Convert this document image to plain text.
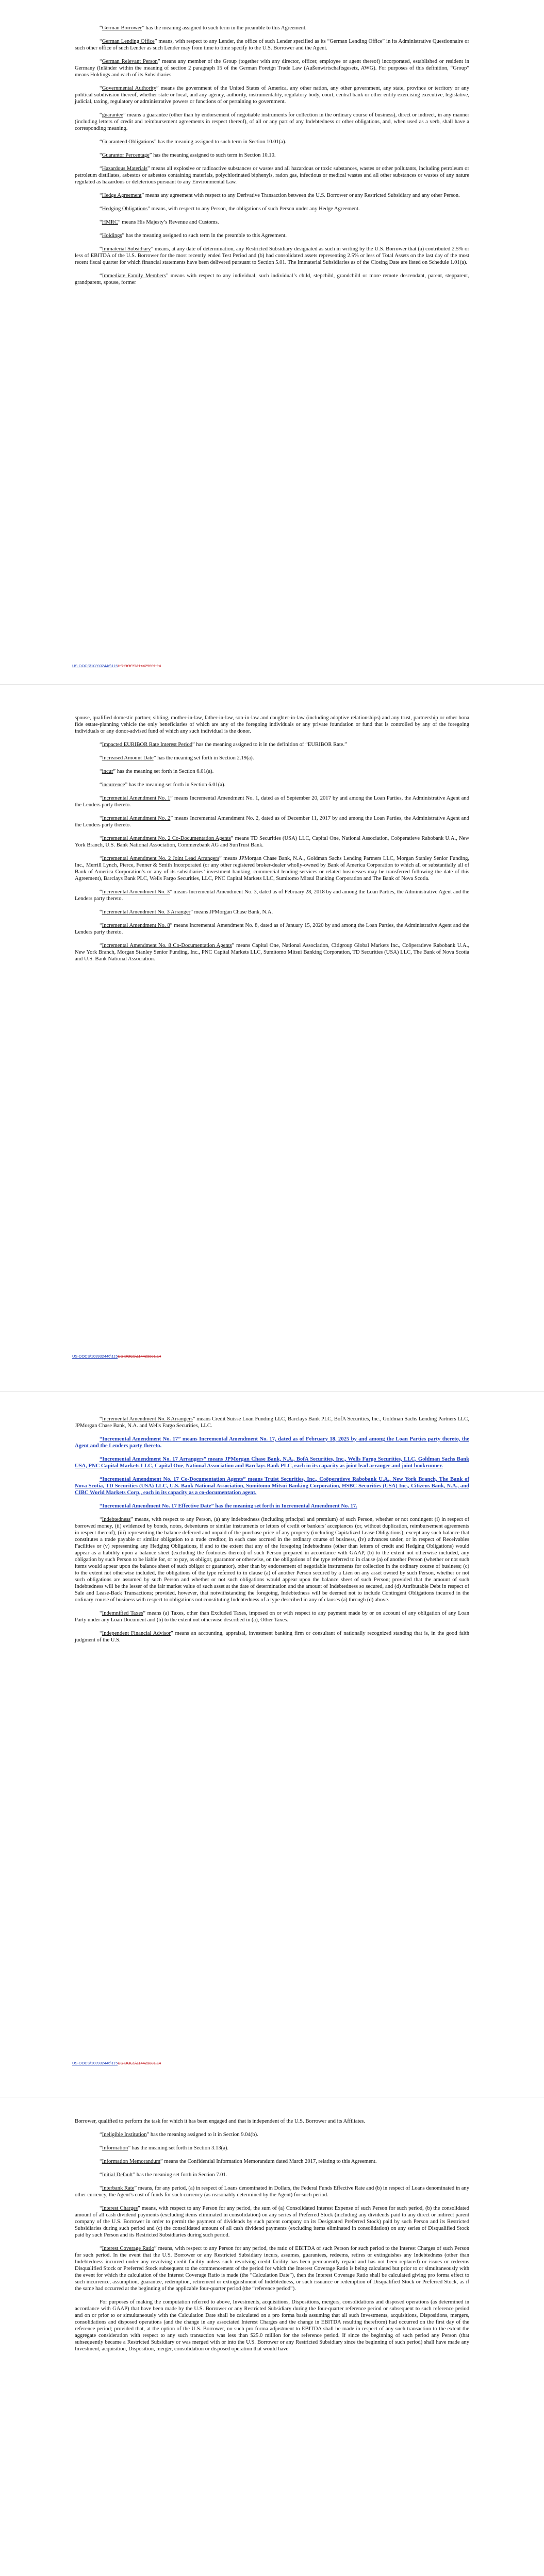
“German Borrower” has the meaning assigned to such term in the preamble to this Agreement.
“German Lending Office” means, with respect to any Lender, the office of such Lender specified as its “German Lending Office” in its Administrative Questionnaire or such other office of such Lender as such Lender may from time to time specify to the U.S. Borrower and the Agent.
“German Relevant Person” means any member of the Group (together with any director, officer, employee or agent thereof) incorporated, established or resident in Germany (Inländer within the meaning of section 2 paragraph 15 of the German Foreign Trade Law (Außenwirtschaftsgesetz, AWG). For purposes of this definition, “Group” means Holdings and each of its Subsidiaries.
“Governmental Authority” means the government of the United States of America, any other nation, any other government, any state, province or territory or any political subdivision thereof, whether state or local, and any agency, authority, instrumentality, regulatory body, court, central bank or other entity exercising executive, legislative, judicial, taxing, regulatory or administrative powers or functions of or pertaining to government.
“guarantee” means a guarantee (other than by endorsement of negotiable instruments for collection in the ordinary course of business), direct or indirect, in any manner (including letters of credit and reimbursement agreements in respect thereof), of all or any part of any Indebtedness or other obligations, and, when used as a verb, shall have a corresponding meaning.
“Guaranteed Obligations” has the meaning assigned to such term in Section 10.01(a).
“Guarantor Percentage” has the meaning assigned to such term in Section 10.10.
“Hazardous Materials” means all explosive or radioactive substances or wastes and all hazardous or toxic substances, wastes or other pollutants, including petroleum or petroleum distillates, asbestos or asbestos containing materials, polychlorinated biphenyls, radon gas, infectious or medical wastes and all other substances or wastes of any nature regulated as hazardous or deleterious pursuant to any Environmental Law.
“Hedge Agreement” means any agreement with respect to any Derivative Transaction between the U.S. Borrower or any Restricted Subsidiary and any other Person.
“Hedging Obligations” means, with respect to any Person, the obligations of such Person under any Hedge Agreement.
“HMRC” means His Majesty’s Revenue and Customs.
“Holdings” has the meaning assigned to such term in the preamble to this Agreement.
“Immaterial Subsidiary” means, at any date of determination, any Restricted Subsidiary designated as such in writing by the U.S. Borrower that (a) contributed 2.5% or less of EBITDA of the U.S. Borrower for the most recently ended Test Period and (b) had consolidated assets representing 2.5% or less of Total Assets on the last day of the most recent fiscal quarter for which financial statements have been delivered pursuant to Section 5.01. The Immaterial Subsidiaries as of the Closing Date are listed on Schedule 1.01(a).
“Immediate Family Members” means with respect to any individual, such individual’s child, stepchild, grandchild or more remote descendant, parent, stepparent, grandparent, spouse, former
US-DOCS\103932446\115US-DOCS\114429801.14
spouse, qualified domestic partner, sibling, mother-in-law, father-in-law, son-in-law and daughter-in-law (including adoptive relationships) and any trust, partnership or other bona fide estate-planning vehicle the only beneficiaries of which are any of the foregoing individuals or any private foundation or fund that is controlled by any of the foregoing individuals or any donor-advised fund of which any such individual is the donor.
“Impacted EURIBOR Rate Interest Period” has the meaning assigned to it in the definition of “EURIBOR Rate.”
“Increased Amount Date” has the meaning set forth in Section 2.19(a).
“incur” has the meaning set forth in Section 6.01(a).
“incurrence” has the meaning set forth in Section 6.01(a).
“Incremental Amendment No. 1” means Incremental Amendment No. 1, dated as of September 20, 2017 by and among the Loan Parties, the Administrative Agent and the Lenders party thereto.
“Incremental Amendment No. 2” means Incremental Amendment No. 2, dated as of December 11, 2017 by and among the Loan Parties, the Administrative Agent and the Lenders party thereto.
“Incremental Amendment No. 2 Co-Documentation Agents” means TD Securities (USA) LLC, Capital One, National Association, Coöperatieve Rabobank U.A., New York Branch, U.S. Bank National Association, Commerzbank AG and SunTrust Bank.
“Incremental Amendment No. 2 Joint Lead Arrangers” means JPMorgan Chase Bank, N.A., Goldman Sachs Lending Partners LLC, Morgan Stanley Senior Funding, Inc., Merrill Lynch, Pierce, Fenner & Smith Incorporated (or any other registered broker-dealer wholly-owned by Bank of America Corporation to which all or substantially all of Bank of America Corporation’s or any of its subsidiaries’ investment banking, commercial lending services or related businesses may be transferred following the date of this Agreement), Barclays Bank PLC, Wells Fargo Securities, LLC, PNC Capital Markets LLC, Sumitomo Mitsui Banking Corporation and The Bank of Nova Scotia.
“Incremental Amendment No. 3” means Incremental Amendment No. 3, dated as of February 28, 2018 by and among the Loan Parties, the Administrative Agent and the Lenders party thereto.
“Incremental Amendment No. 3 Arranger” means JPMorgan Chase Bank, N.A.
“Incremental Amendment No. 8” means Incremental Amendment No. 8, dated as of January 15, 2020 by and among the Loan Parties, the Administrative Agent and the Lenders party thereto.
“Incremental Amendment No. 8 Co-Documentation Agents” means Capital One, National Association, Citigroup Global Markets Inc., Coöperatieve Rabobank U.A., New York Branch, Morgan Stanley Senior Funding, Inc., PNC Capital Markets LLC, Sumitomo Mitsui Banking Corporation, TD Securities (USA) LLC, The Bank of Nova Scotia and U.S. Bank National Association.
US-DOCS\103932446\115US-DOCS\114429801.14
“Incremental Amendment No. 8 Arrangers” means Credit Suisse Loan Funding LLC, Barclays Bank PLC, BofA Securities, Inc., Goldman Sachs Lending Partners LLC, JPMorgan Chase Bank, N.A. and Wells Fargo Securities, LLC.
“Incremental Amendment No. 17” means Incremental Amendment No. 17, dated as of February 18, 2025 by and among the Loan Parties party thereto, the Agent and the Lenders party thereto.
“Incremental Amendment No. 17 Arrangers” means JPMorgan Chase Bank, N.A., BofA Securities, Inc., Wells Fargo Securities, LLC, Goldman Sachs Bank USA, PNC Capital Markets LLC, Capital One, National Association and Barclays Bank PLC, each in its capacity as joint lead arranger and joint bookrunner.
“Incremental Amendment No. 17 Co-Documentation Agents” means Truist Securities, Inc., Coöperatieve Rabobank U.A., New York Branch, The Bank of Nova Scotia, TD Securities (USA) LLC, U.S. Bank National Association, Sumitomo Mitsui Banking Corporation, HSBC Securities (USA) Inc., Citizens Bank, N.A., and CIBC World Markets Corp., each in its capacity as a co-documentation agent.
“Incremental Amendment No. 17 Effective Date” has the meaning set forth in Incremental Amendment No. 17.
“Indebtedness” means, with respect to any Person, (a) any indebtedness (including principal and premium) of such Person, whether or not contingent (i) in respect of borrowed money, (ii) evidenced by bonds, notes, debentures or similar instruments or letters of credit or bankers’ acceptances (or, without duplication, reimbursement agreements in respect thereof), (iii) representing the balance deferred and unpaid of the purchase price of any property (including Capitalized Lease Obligations), except any such balance that constitutes a trade payable or similar obligation to a trade creditor, in each case accrued in the ordinary course of business, (iv) advances under, or in respect of Receivables Facilities or (v) representing any Hedging Obligations, if and to the extent that any of the foregoing Indebtedness (other than letters of credit and Hedging Obligations) would appear as a liability upon a balance sheet (excluding the footnotes thereto) of such Person prepared in accordance with GAAP, (b) to the extent not otherwise included, any obligation by such Person to be liable for, or to pay, as obligor, guarantor or otherwise, on the obligations of the type referred to in clause (a) of another Person (whether or not such items would appear upon the balance sheet of such obligor or guarantor), other than by endorsement of negotiable instruments for collection in the ordinary course of business; (c) to the extent not otherwise included, the obligations of the type referred to in clause (a) of another Person secured by a Lien on any asset owned by such Person, whether or not such obligations are assumed by such Person and whether or not such obligations would appear upon the balance sheet of such Person; provided that the amount of such Indebtedness will be the lesser of the fair market value of such asset at the date of determination and the amount of Indebtedness so secured, and (d) Attributable Debt in respect of Sale and Lease-Back Transactions; provided, however, that notwithstanding the foregoing, Indebtedness will be deemed not to include Contingent Obligations incurred in the ordinary course of business with respect to obligations not constituting Indebtedness of a type described in any of clauses (a) through (d) above.
“Indemnified Taxes” means (a) Taxes, other than Excluded Taxes, imposed on or with respect to any payment made by or on account of any obligation of any Loan Party under any Loan Document and (b) to the extent not otherwise described in (a), Other Taxes.
“Independent Financial Advisor” means an accounting, appraisal, investment banking firm or consultant of nationally recognized standing that is, in the good faith judgment of the U.S.
US-DOCS\103932446\115US-DOCS\114429801.14
Borrower, qualified to perform the task for which it has been engaged and that is independent of the U.S. Borrower and its Affiliates.
“Ineligible Institution” has the meaning assigned to it in Section 9.04(b).
“Information” has the meaning set forth in Section 3.13(a).
“Information Memorandum” means the Confidential Information Memorandum dated March 2017, relating to this Agreement.
“Initial Default” has the meaning set forth in Section 7.01.
“Interbank Rate” means, for any period, (a) in respect of Loans denominated in Dollars, the Federal Funds Effective Rate and (b) in respect of Loans denominated in any other currency, the Agent’s cost of funds for such currency (as reasonably determined by the Agent) for such period.
“Interest Charges” means, with respect to any Person for any period, the sum of (a) Consolidated Interest Expense of such Person for such period, (b) the consolidated amount of all cash dividend payments (excluding items eliminated in consolidation) on any series of Preferred Stock (including any dividends paid to any direct or indirect parent company of the U.S. Borrower in order to permit the payment of dividends by such parent company on its Designated Preferred Stock) paid by such Person and its Restricted Subsidiaries during such period and (c) the consolidated amount of all cash dividend payments (excluding items eliminated in consolidation) on any series of Disqualified Stock paid by such Person and its Restricted Subsidiaries during such period.
“Interest Coverage Ratio” means, with respect to any Person for any period, the ratio of EBITDA of such Person for such period to the Interest Charges of such Person for such period. In the event that the U.S. Borrower or any Restricted Subsidiary incurs, assumes, guarantees, redeems, retires or extinguishes any Indebtedness (other than Indebtedness incurred under any revolving credit facility unless such revolving credit facility has been permanently repaid and has not been replaced) or issues or redeems Disqualified Stock or Preferred Stock subsequent to the commencement of the period for which the Interest Coverage Ratio is being calculated but prior to or simultaneously with the event for which the calculation of the Interest Coverage Ratio is made (the “Calculation Date”), then the Interest Coverage Ratio shall be calculated giving pro forma effect to such incurrence, assumption, guarantee, redemption, retirement or extinguishment of Indebtedness, or such issuance or redemption of Disqualified Stock or Preferred Stock, as if the same had occurred at the beginning of the applicable four-quarter period (the “reference period”).
For purposes of making the computation referred to above, Investments, acquisitions, Dispositions, mergers, consolidations and disposed operations (as determined in accordance with GAAP) that have been made by the U.S. Borrower or any Restricted Subsidiary during the four-quarter reference period or subsequent to such reference period and on or prior to or simultaneously with the Calculation Date shall be calculated on a pro forma basis assuming that all such Investments, acquisitions, Dispositions, mergers, consolidations and disposed operations (and the change in any associated Interest Charges and the change in EBITDA resulting therefrom) had occurred on the first day of the reference period; provided that, at the option of the U.S. Borrower, no such pro forma adjustment to EBITDA shall be made in respect of any such transaction to the extent the aggregate consideration with respect to any such transaction was less than $25.0 million for the reference period. If since the beginning of such period any Person (that subsequently became a Restricted Subsidiary or was merged with or into the U.S. Borrower or any Restricted Subsidiary since the beginning of such period) shall have made any Investment, acquisition, Disposition, merger, consolidation or disposed operation that would have
